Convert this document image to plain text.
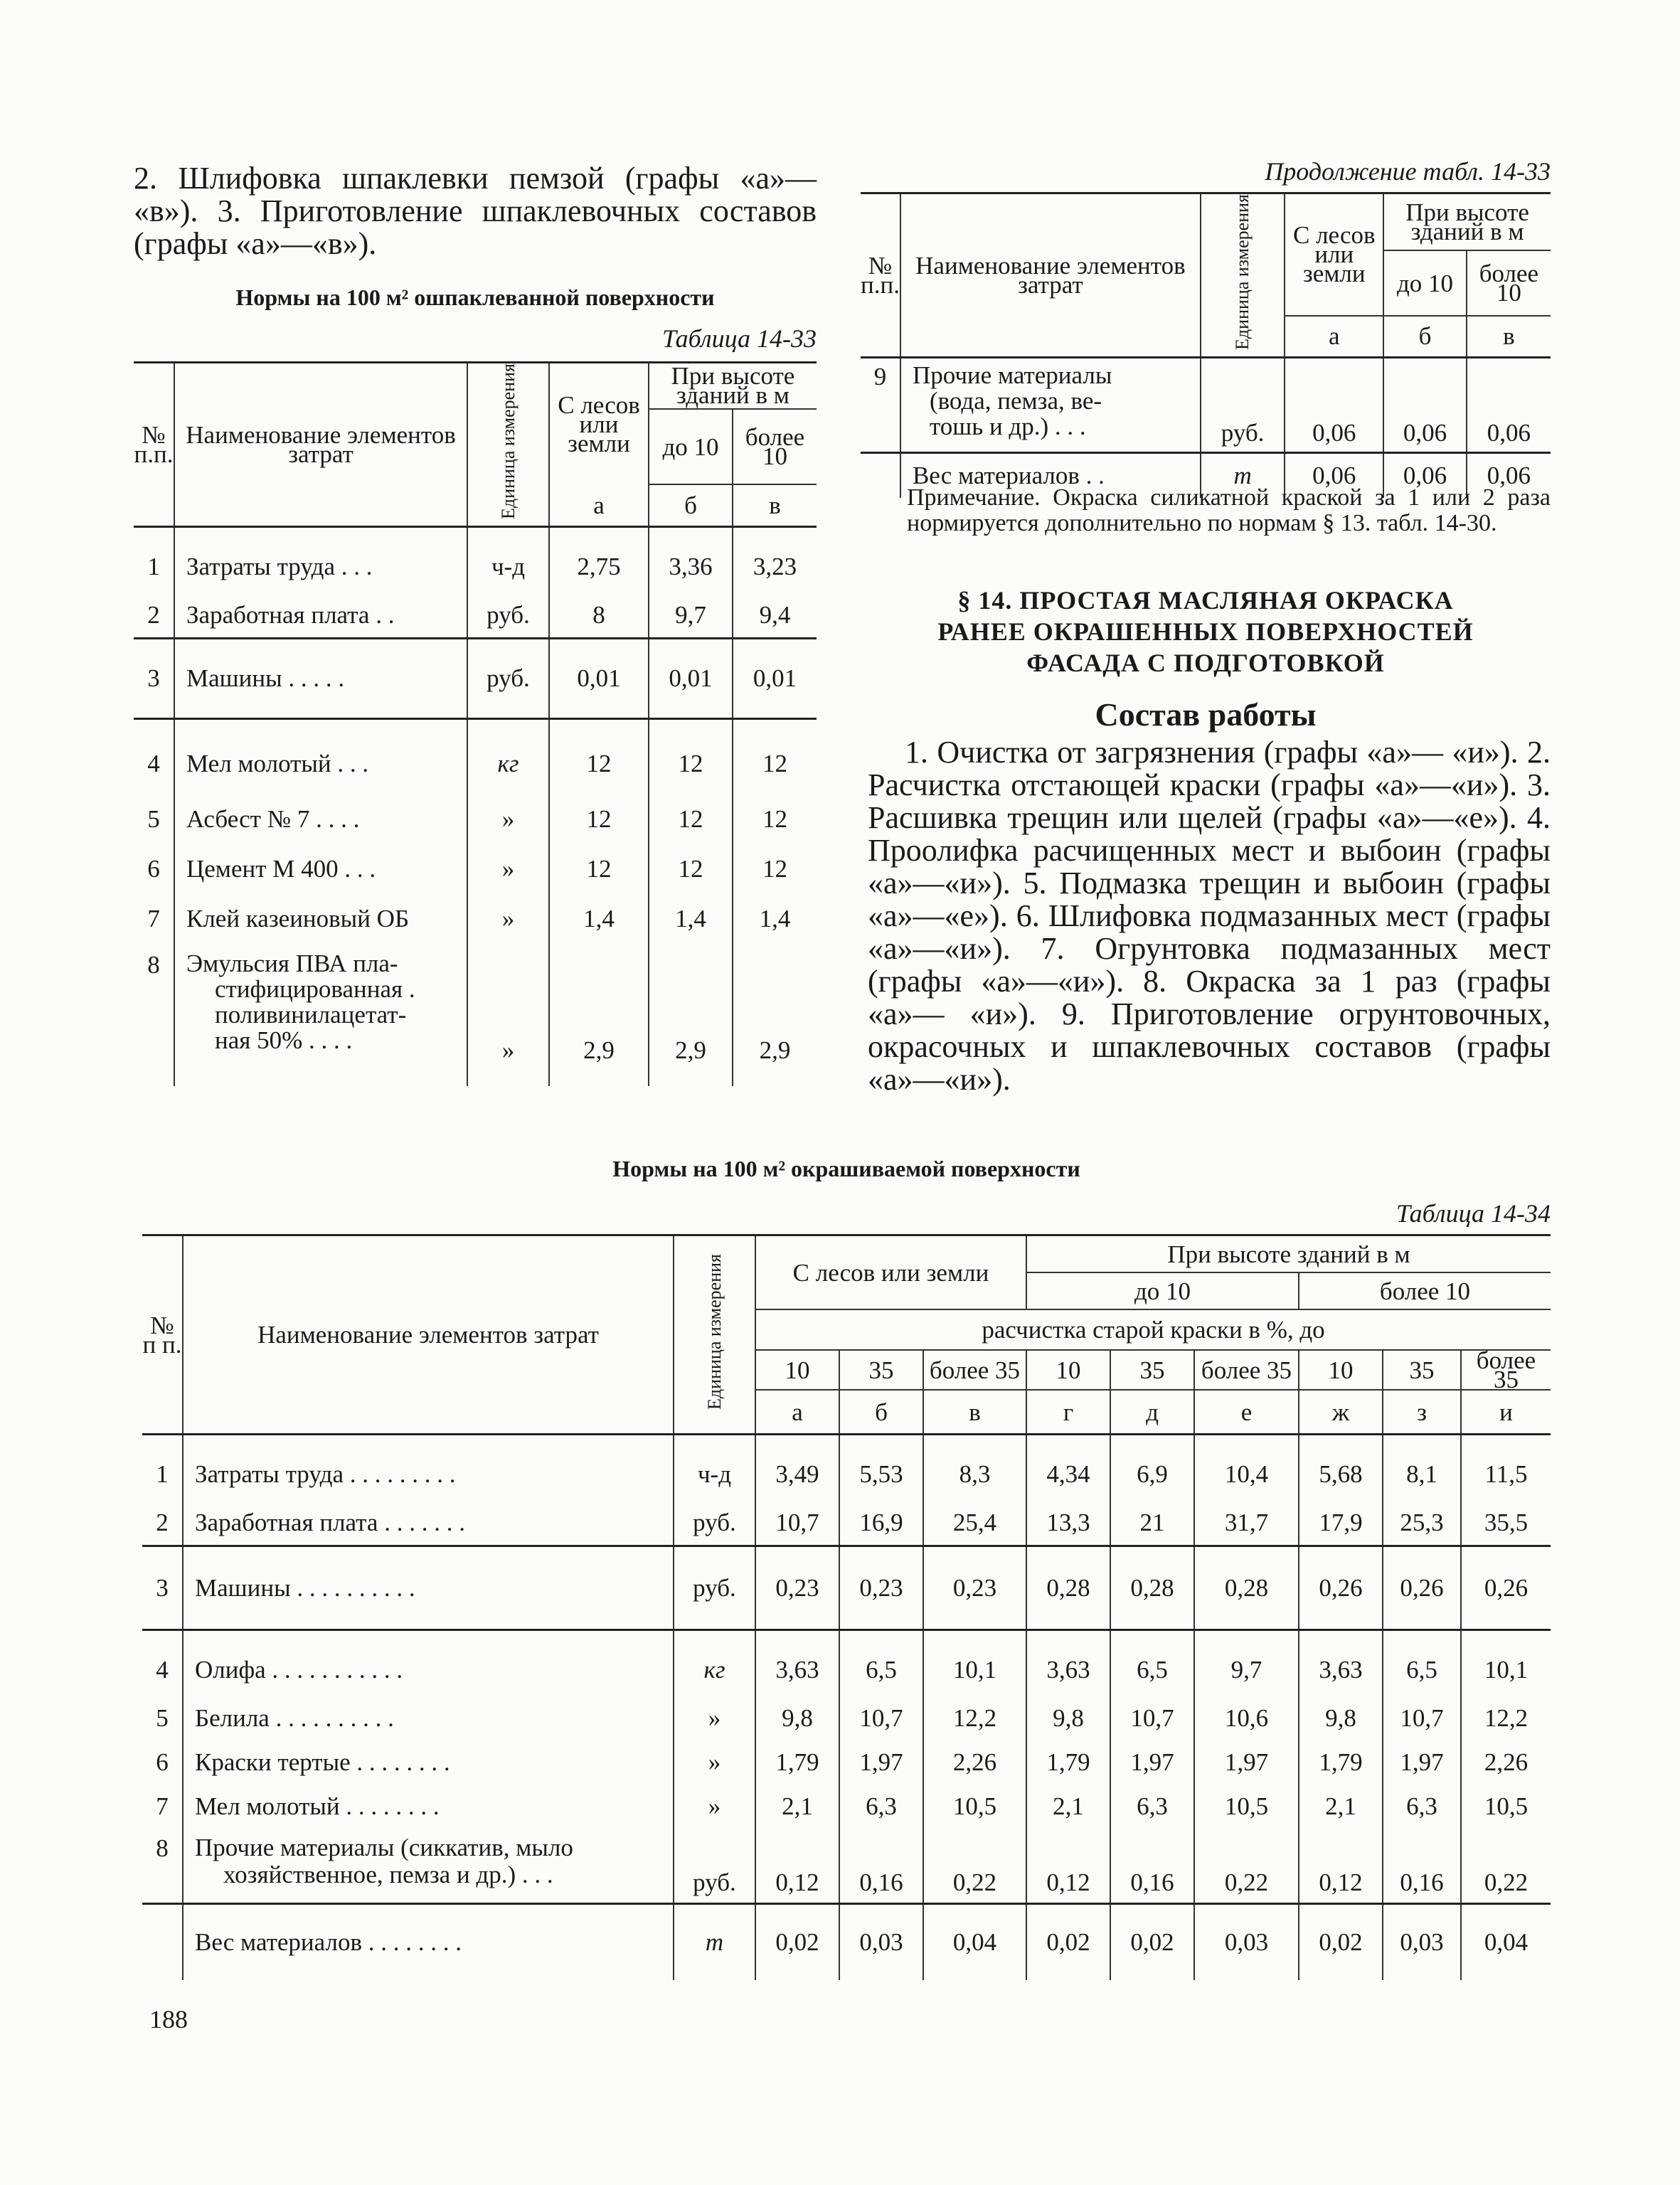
2. Шлифовка шпаклевки пемзой (графы «а»— «в»). 3. Приготовление шпаклевочных составов (графы «а»—«в»).

Нормы на 100 м² ошпаклеванной поверхности
Таблица 14-33
№ п.п.	Наименование элементов затрат	Единица измерения	С лесов или земли	При высоте зданий в м	
				до 10	более 10
			а	б	в
1	Затраты труда . . .	ч-д	2,75	3,36	3,23
2	Заработная плата . .	руб.	8	9,7	9,4
3	Машины . . . . .	руб.	0,01	0,01	0,01
4	Мел молотый . . .	кг	12	12	12
5	Асбест № 7 . . . .	»	12	12	12
6	Цемент М 400 . . .	»	12	12	12
7	Клей казеиновый ОБ	»	1,4	1,4	1,4
8	Эмульсия ПВА пла-
стифицированная .
поливинилацетат-
ная 50% . . . .	»	2,9	2,9	2,9
Продолжение табл. 14-33
№ п.п.	Наименование элементов затрат	Единица измерения	С лесов или земли	При высоте зданий в м	
				до 10	более 10
			а	б	в
9	Прочие материалы
(вода, пемза, ве-
тошь и др.) . . .	руб.	0,06	0,06	0,06
	Вес материалов . .	т	0,06	0,06	0,06
Примечание. Окраска силикатной краской за 1 или 2 раза нормируется дополнительно по нормам § 13. табл. 14-30.
§ 14. ПРОСТАЯ МАСЛЯНАЯ ОКРАСКА
РАНЕЕ ОКРАШЕННЫХ ПОВЕРХНОСТЕЙ
ФАСАДА С ПОДГОТОВКОЙ
Состав работы

1. Очистка от загрязнения (графы «а»— «и»). 2. Расчистка отстающей краски (графы «а»—«и»). 3. Расшивка трещин или щелей (графы «а»—«е»). 4. Проолифка расчищенных мест и выбоин (графы «а»—«и»). 5. Подмазка трещин и выбоин (графы «а»—«е»). 6. Шлифовка подмазанных мест (графы «а»—«и»). 7. Огрунтовка подмазанных мест (графы «а»—«и»). 8. Окраска за 1 раз (графы «а»— «и»). 9. Приготовление огрунтовочных, окрасочных и шпаклевочных составов (графы «а»—«и»).

Нормы на 100 м² окрашиваемой поверхности
Таблица 14-34
№ п п.	Наименование элементов затрат	Единица измерения	С лесов или земли			При высоте зданий в м					
						до 10			более 10		
			расчистка старой краски в %, до								
			10	35	более 35	10	35	более 35	10	35	более 35
			а	б	в	г	д	е	ж	з	и
1	Затраты труда . . . . . . . . .	ч-д	3,49	5,53	8,3	4,34	6,9	10,4	5,68	8,1	11,5
2	Заработная плата . . . . . . .	руб.	10,7	16,9	25,4	13,3	21	31,7	17,9	25,3	35,5
3	Машины . . . . . . . . . .	руб.	0,23	0,23	0,23	0,28	0,28	0,28	0,26	0,26	0,26
4	Олифа . . . . . . . . . . .	кг	3,63	6,5	10,1	3,63	6,5	9,7	3,63	6,5	10,1
5	Белила . . . . . . . . . .	»	9,8	10,7	12,2	9,8	10,7	10,6	9,8	10,7	12,2
6	Краски тертые . . . . . . . .	»	1,79	1,97	2,26	1,79	1,97	1,97	1,79	1,97	2,26
7	Мел молотый . . . . . . . .	»	2,1	6,3	10,5	2,1	6,3	10,5	2,1	6,3	10,5
8	Прочие материалы (сиккатив, мыло
хозяйственное, пемза и др.) . . .	руб.	0,12	0,16	0,22	0,12	0,16	0,22	0,12	0,16	0,22
	Вес материалов . . . . . . . .	т	0,02	0,03	0,04	0,02	0,02	0,03	0,02	0,03	0,04
188
